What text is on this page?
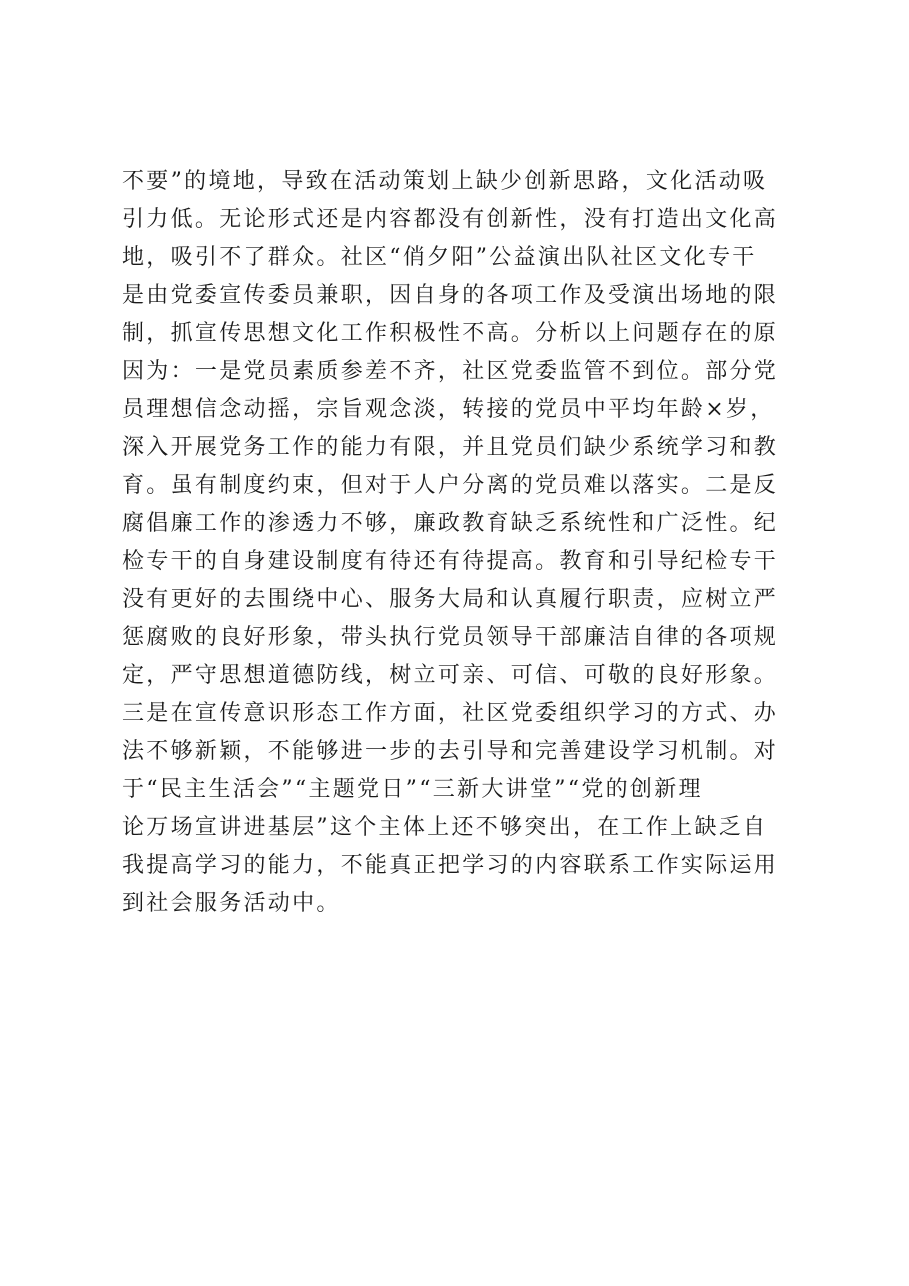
不要”的境地，导致在活动策划上缺少创新思路，文化活动吸
引力低。无论形式还是内容都没有创新性，没有打造出文化高
地，吸引不了群众。社区“俏夕阳”公益演出队社区文化专干
是由党委宣传委员兼职，因自身的各项工作及受演出场地的限
制，抓宣传思想文化工作积极性不高。分析以上问题存在的原
因为：一是党员素质参差不齐，社区党委监管不到位。部分党
员理想信念动摇，宗旨观念淡，转接的党员中平均年龄×岁，
深入开展党务工作的能力有限，并且党员们缺少系统学习和教
育。虽有制度约束，但对于人户分离的党员难以落实。二是反
腐倡廉工作的渗透力不够，廉政教育缺乏系统性和广泛性。纪
检专干的自身建设制度有待还有待提高。教育和引导纪检专干
没有更好的去围绕中心、服务大局和认真履行职责，应树立严
惩腐败的良好形象，带头执行党员领导干部廉洁自律的各项规
定，严守思想道德防线，树立可亲、可信、可敬的良好形象。
三是在宣传意识形态工作方面，社区党委组织学习的方式、办
法不够新颖，不能够进一步的去引导和完善建设学习机制。对
于“民主生活会”“主题党日”“三新大讲堂”“党的创新理
论万场宣讲进基层”这个主体上还不够突出，在工作上缺乏自
我提高学习的能力，不能真正把学习的内容联系工作实际运用
到社会服务活动中。
